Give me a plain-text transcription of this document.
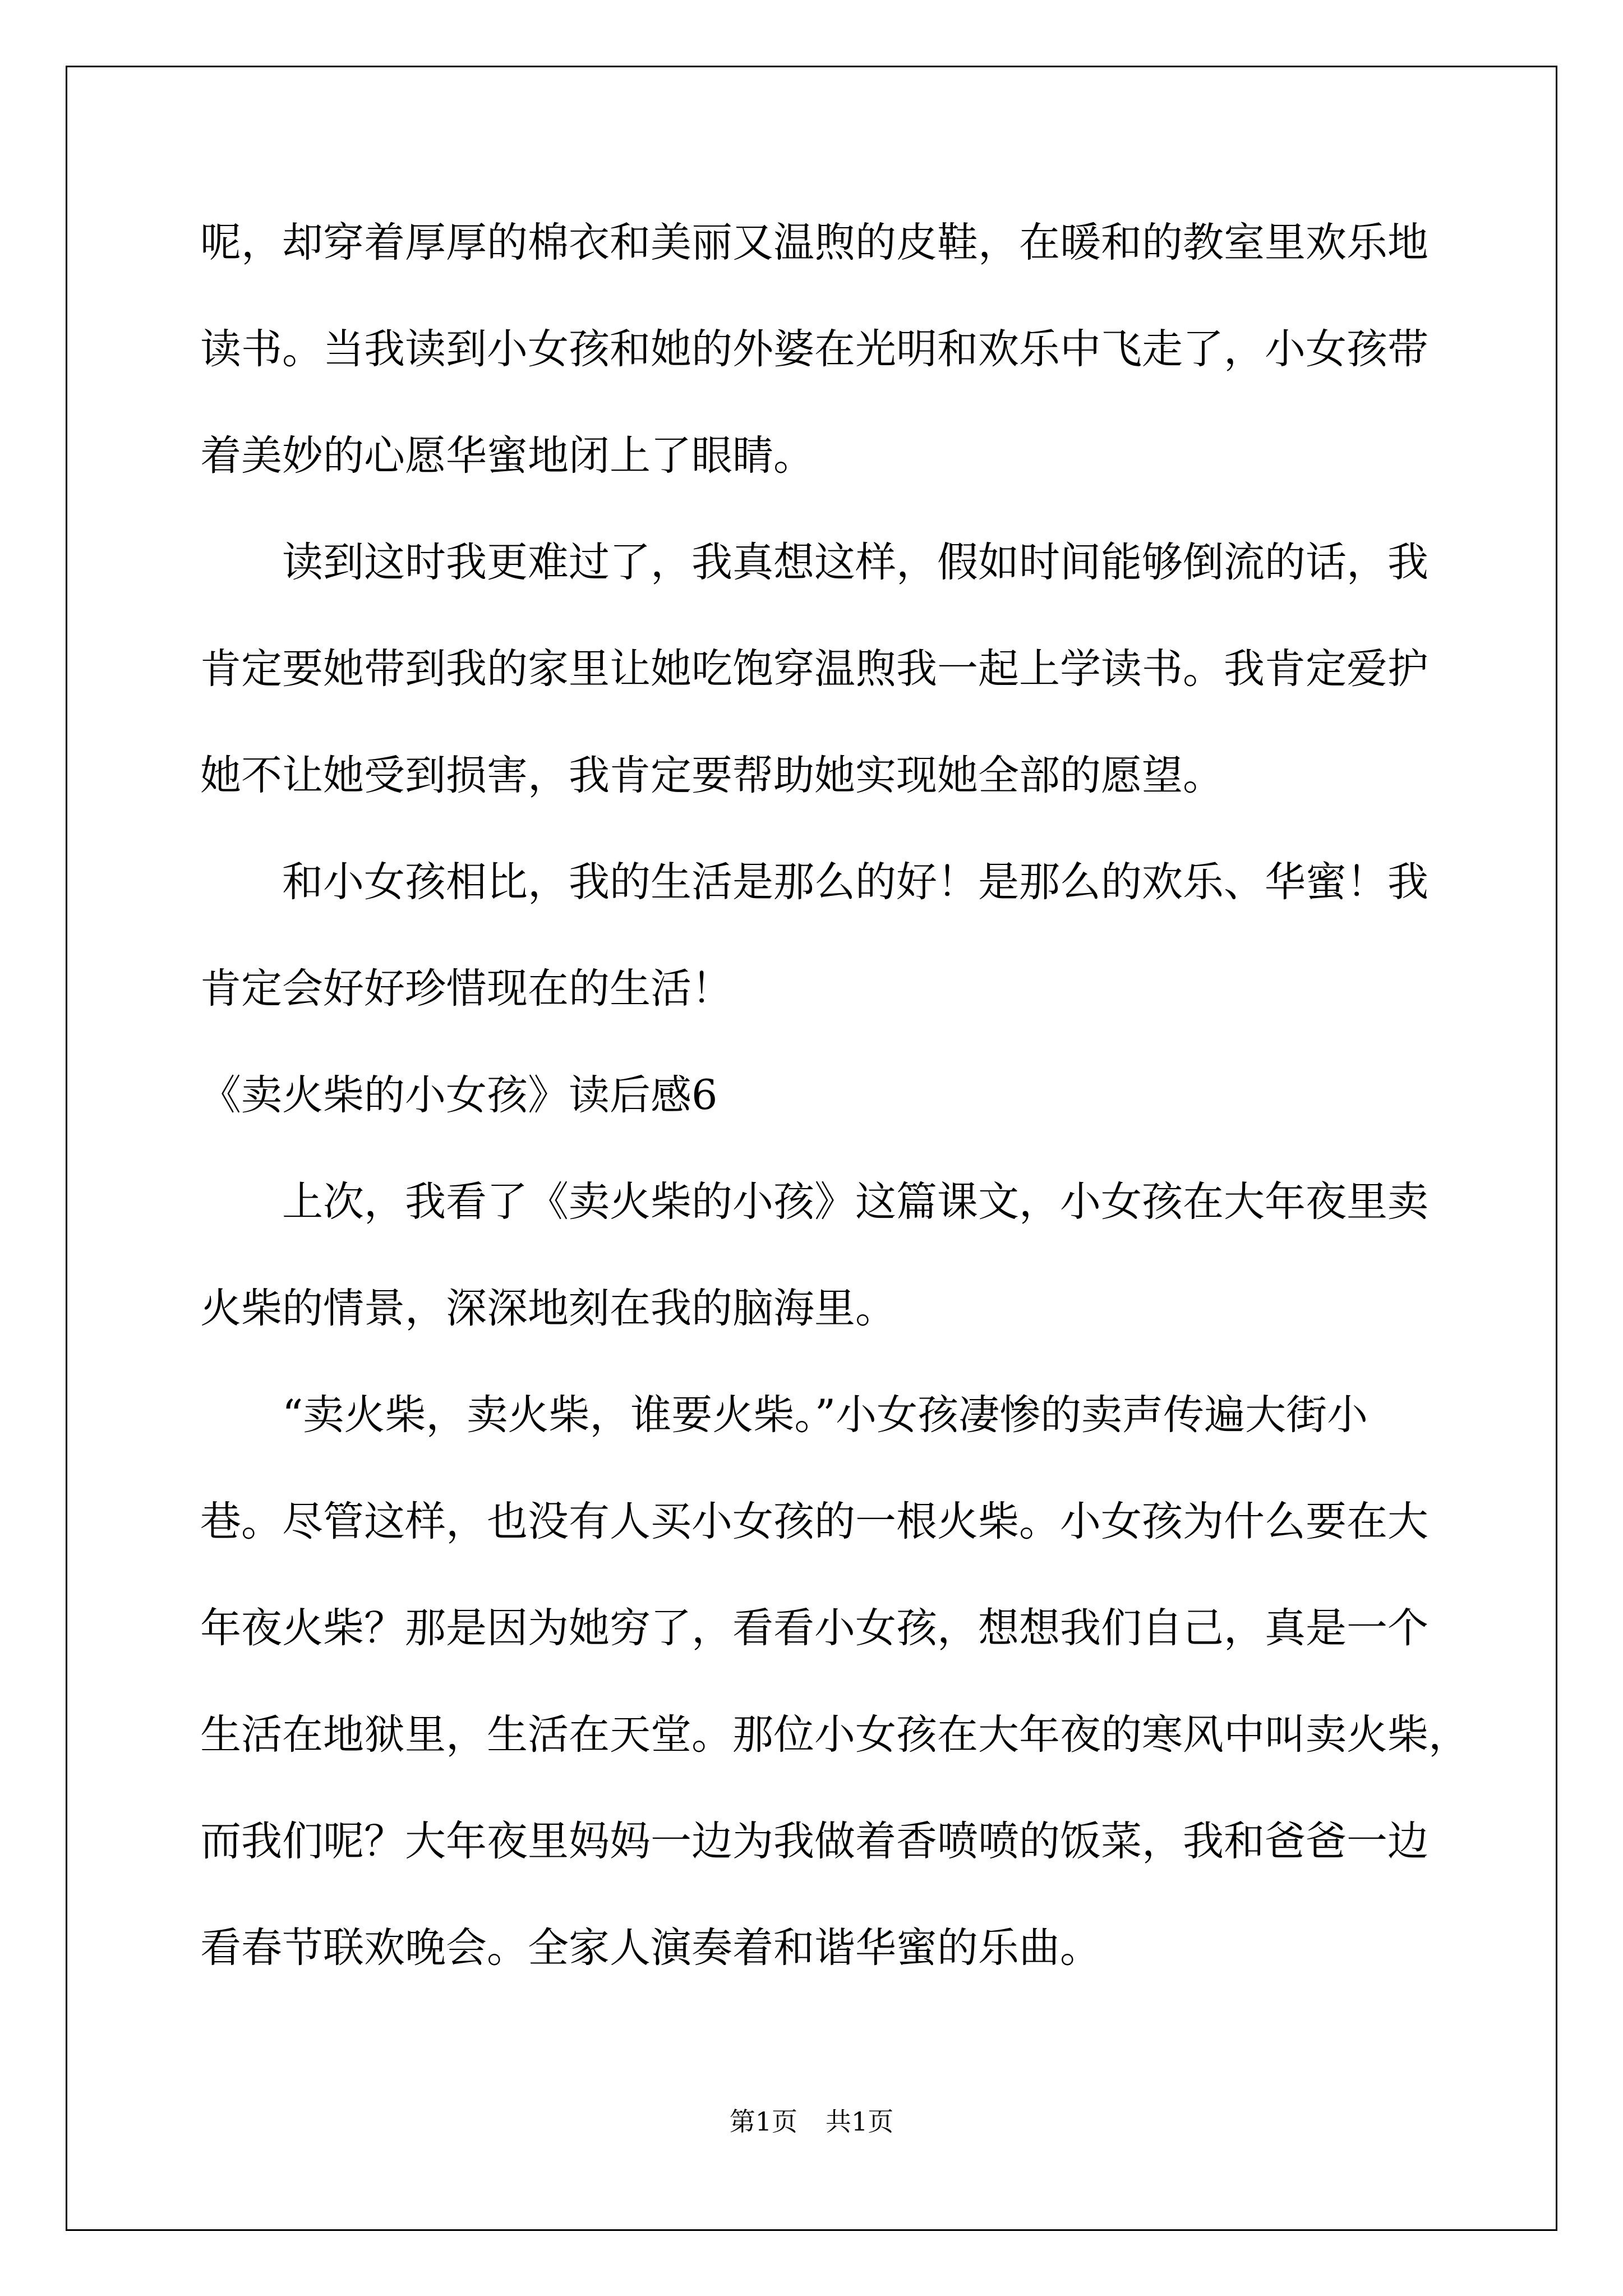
呢，却穿着厚厚的棉衣和美丽又温煦的皮鞋，在暖和的教室里欢乐地
读书。当我读到小女孩和她的外婆在光明和欢乐中飞走了，小女孩带
着美妙的心愿华蜜地闭上了眼睛。
读到这时我更难过了，我真想这样，假如时间能够倒流的话，我
肯定要她带到我的家里让她吃饱穿温煦我一起上学读书。我肯定爱护
她不让她受到损害，我肯定要帮助她实现她全部的愿望。
和小女孩相比，我的生活是那么的好！是那么的欢乐、华蜜！我
肯定会好好珍惜现在的生活！
《卖火柴的小女孩》读后感6
上次，我看了《卖火柴的小孩》这篇课文，小女孩在大年夜里卖
火柴的情景，深深地刻在我的脑海里。
“卖火柴，卖火柴，谁要火柴。”小女孩凄惨的卖声传遍大街小
巷。尽管这样，也没有人买小女孩的一根火柴。小女孩为什么要在大
年夜火柴？那是因为她穷了，看看小女孩，想想我们自己，真是一个
生活在地狱里，生活在天堂。那位小女孩在大年夜的寒风中叫卖火柴，
而我们呢？大年夜里妈妈一边为我做着香喷喷的饭菜，我和爸爸一边
看春节联欢晚会。全家人演奏着和谐华蜜的乐曲。
第1页 共1页
